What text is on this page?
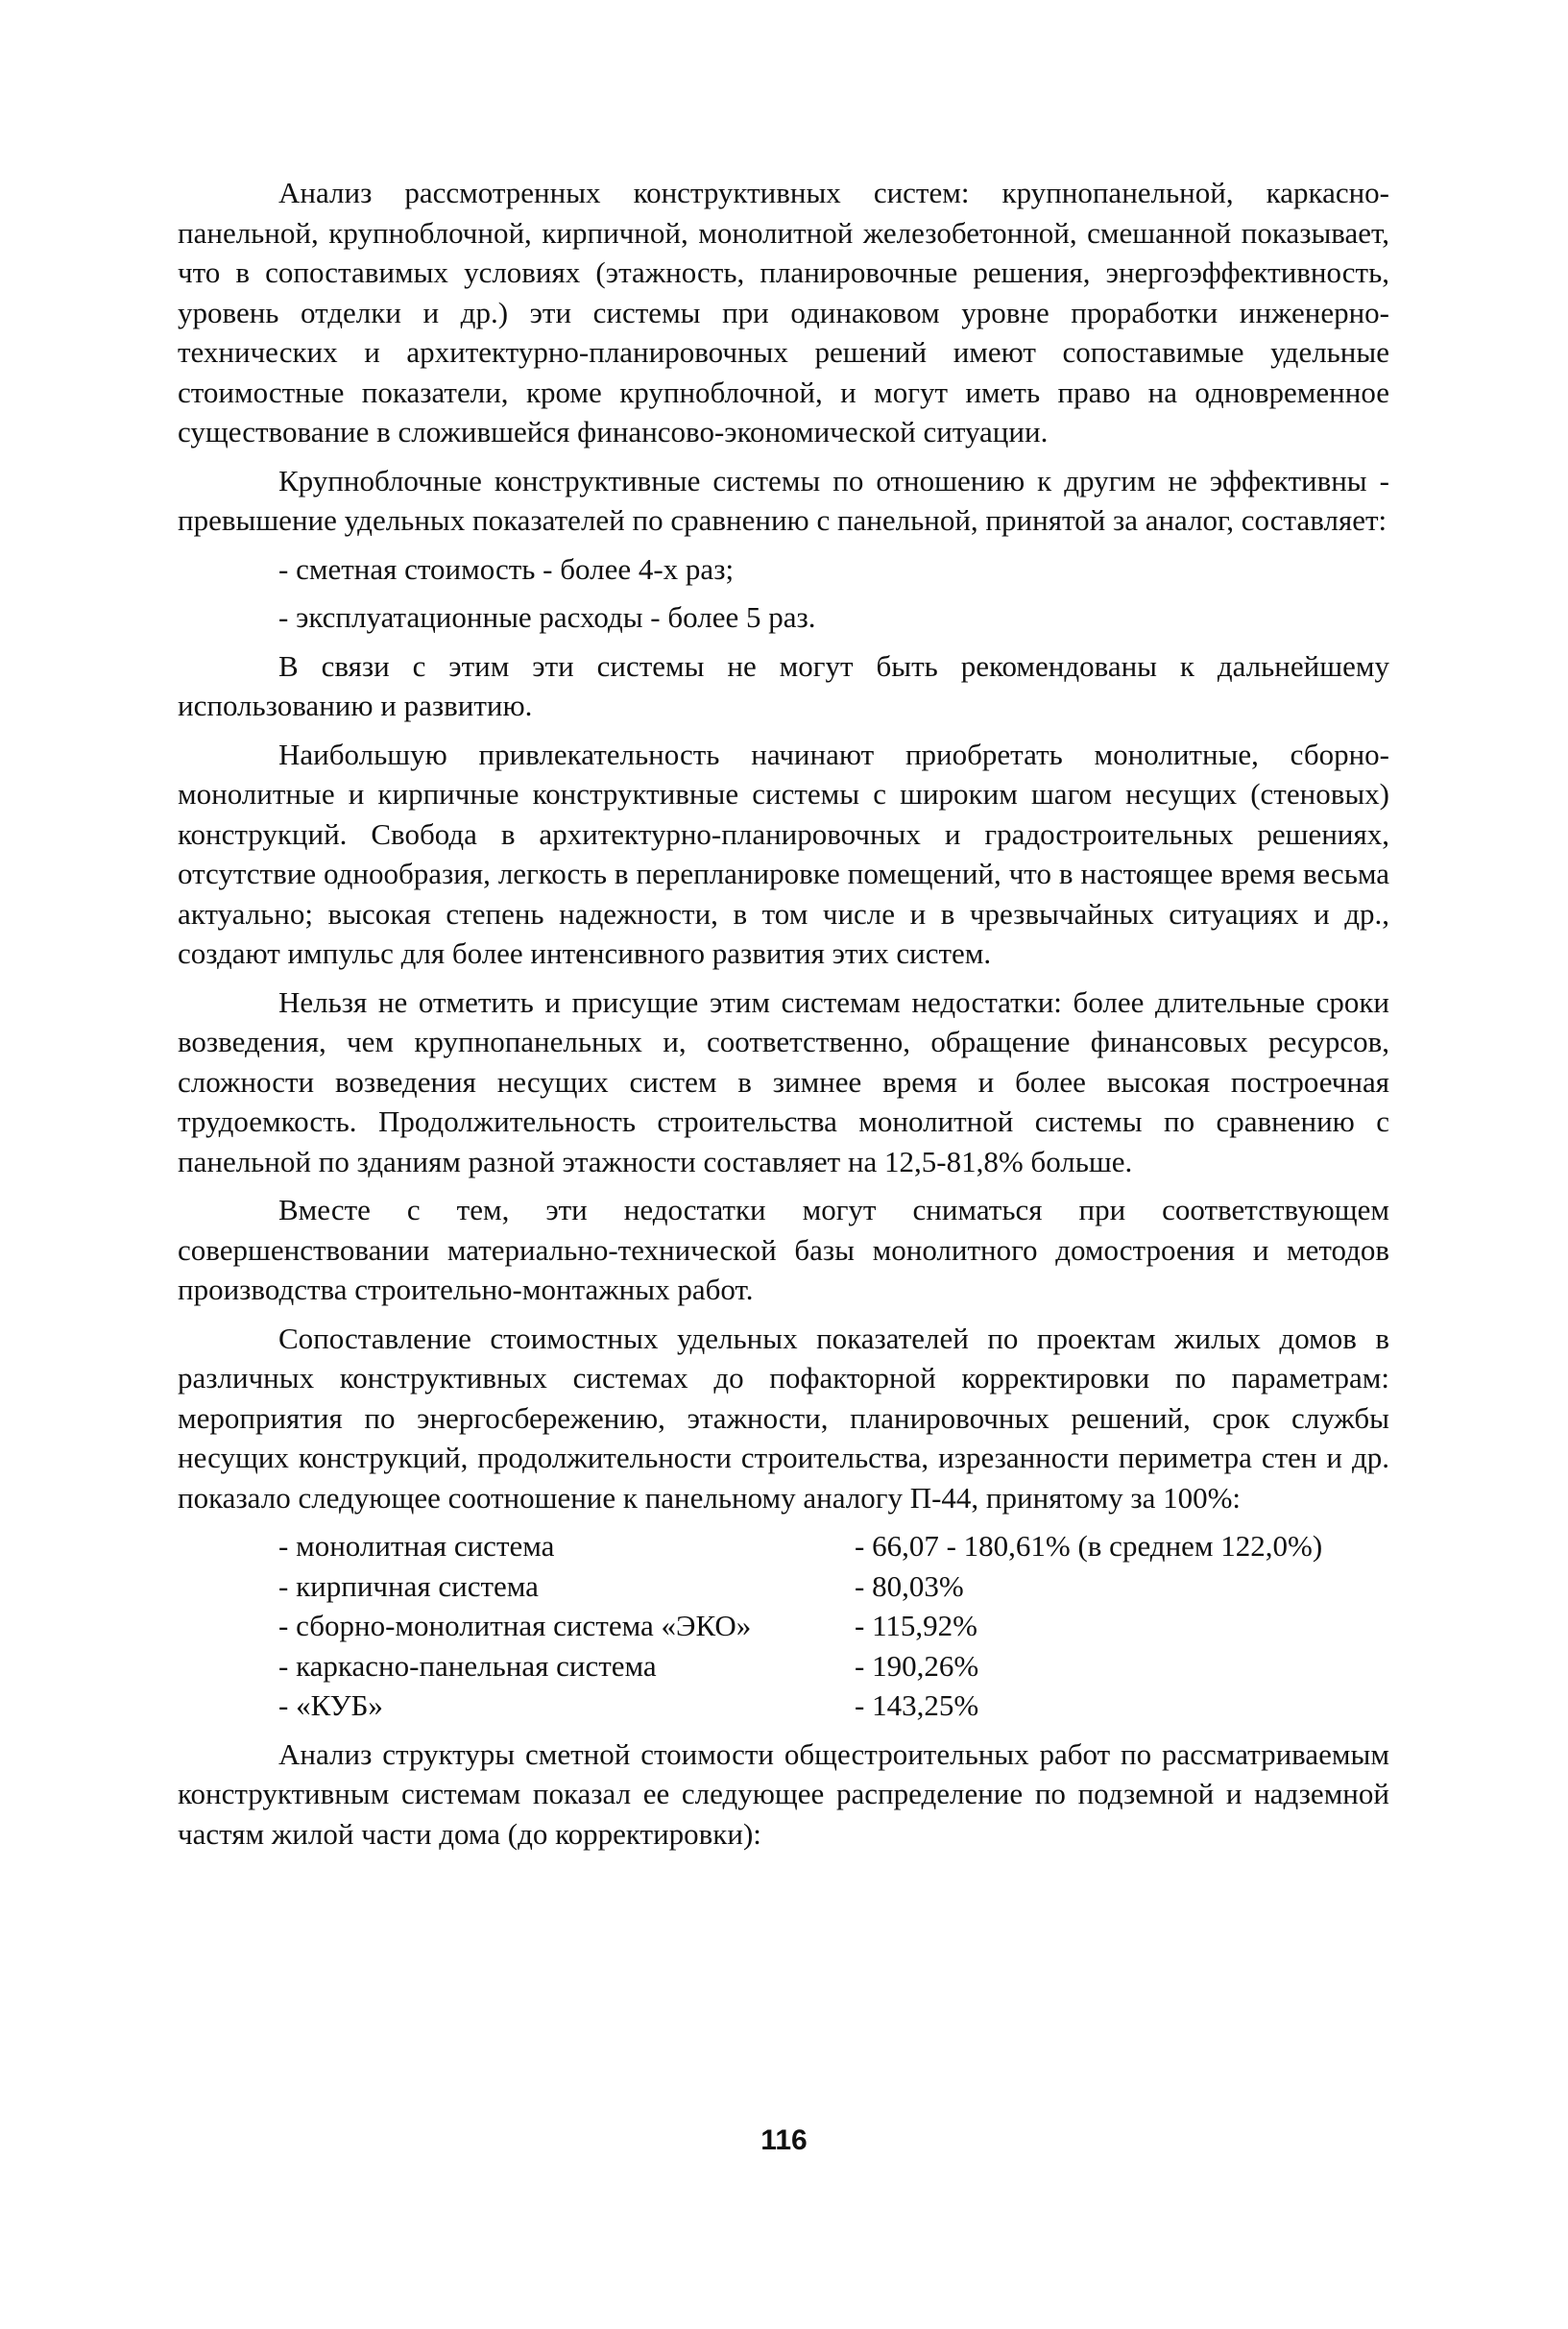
Анализ рассмотренных конструктивных систем: крупнопанельной, каркасно-панельной, крупноблочной, кирпичной, монолитной железобетонной, смешанной показывает, что в сопоставимых условиях (этажность, планировочные решения, энергоэффективность, уровень отделки и др.) эти системы при одинаковом уровне проработки инженерно-технических и архитектурно-планировочных решений имеют сопоставимые удельные стоимостные показатели, кроме крупноблочной, и могут иметь право на одновременное существование в сложившейся финансово-экономической ситуации.

Крупноблочные конструктивные системы по отношению к другим не эффективны - превышение удельных показателей по сравнению с панельной, принятой за аналог, составляет:

- сметная стоимость - более 4-х раз;

- эксплуатационные расходы - более 5 раз.

В связи с этим эти системы не могут быть рекомендованы к дальнейшему использованию и развитию.

Наибольшую привлекательность начинают приобретать монолитные, сборно-монолитные и кирпичные конструктивные системы с широким шагом несущих (стеновых) конструкций. Свобода в архитектурно-планировочных и градостроительных решениях, отсутствие однообразия, легкость в перепланировке помещений, что в настоящее время весьма актуально; высокая степень надежности, в том числе и в чрезвычайных ситуациях и др., создают импульс для более интенсивного развития этих систем.

Нельзя не отметить и присущие этим системам недостатки: более длительные сроки возведения, чем крупнопанельных и, соответственно, обращение финансовых ресурсов, сложности возведения несущих систем в зимнее время и более высокая построечная трудоемкость. Продолжительность строительства монолитной системы по сравнению с панельной по зданиям разной этажности составляет на 12,5-81,8% больше.

Вместе с тем, эти недостатки могут сниматься при соответствующем совершенствовании материально-технической базы монолитного домостроения и методов производства строительно-монтажных работ.

Сопоставление стоимостных удельных показателей по проектам жилых домов в различных конструктивных системах до пофакторной корректировки по параметрам: мероприятия по энергосбережению, этажности, планировочных решений, срок службы несущих конструкций, продолжительности строительства, изрезанности периметра стен и др. показало следующее соотношение к панельному аналогу П-44, принятому за 100%:

- монолитная система	- 66,07 - 180,61% (в среднем 122,0%)
- кирпичная система	- 80,03%
- сборно-монолитная система «ЭКО»	- 115,92%
- каркасно-панельная система	- 190,26%
- «КУБ»	- 143,25%

Анализ структуры сметной стоимости общестроительных работ по рассматриваемым конструктивным системам показал ее следующее распределение по подземной и надземной частям жилой части дома (до корректировки):

116
